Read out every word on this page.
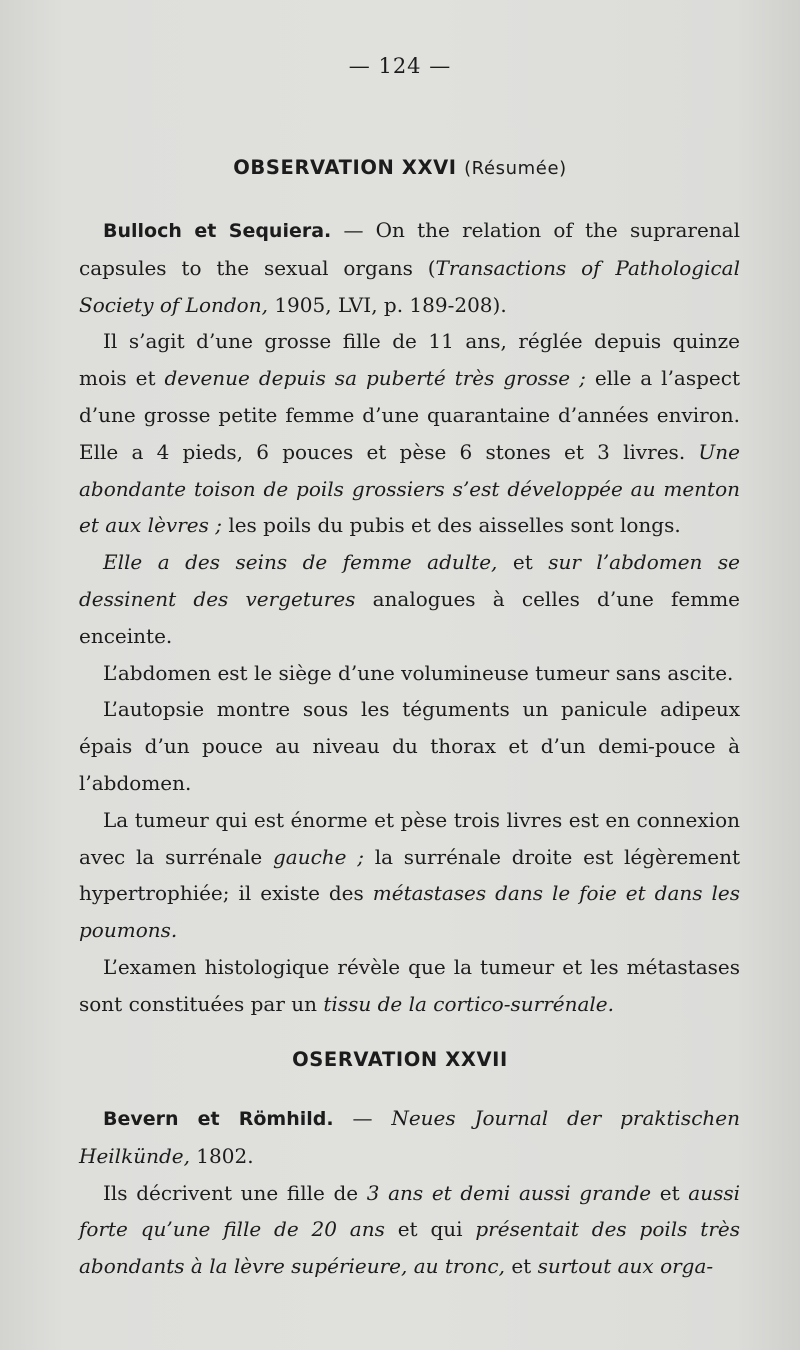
— 124 —
OBSERVATION XXVI (Résumée)

Bulloch et Sequiera. — On the relation of the suprarenal capsules to the sexual organs (Transactions of Pathological Society of London, 1905, LVI, p. 189-208).

Il s’agit d’une grosse fille de 11 ans, réglée depuis quinze mois et devenue depuis sa puberté très grosse ; elle a l’aspect d’une grosse petite femme d’une quarantaine d’années environ. Elle a 4 pieds, 6 pouces et pèse 6 stones et 3 livres. Une abondante toison de poils grossiers s’est développée au menton et aux lèvres ; les poils du pubis et des aisselles sont longs.

Elle a des seins de femme adulte, et sur l’abdomen se dessinent des vergetures analogues à celles d’une femme enceinte.

L’abdomen est le siège d’une volumineuse tumeur sans ascite.

L’autopsie montre sous les téguments un panicule adipeux épais d’un pouce au niveau du thorax et d’un demi-pouce à l’abdomen.

La tumeur qui est énorme et pèse trois livres est en connexion avec la surrénale gauche ; la surrénale droite est légèrement hypertrophiée; il existe des métastases dans le foie et dans les poumons.

L’examen histologique révèle que la tumeur et les métastases sont constituées par un tissu de la cortico-surrénale.

OSERVATION XXVII

Bevern et Römhild. — Neues Journal der praktischen Heilkünde, 1802.

Ils décrivent une fille de 3 ans et demi aussi grande et aussi forte qu’une fille de 20 ans et qui présentait des poils très abondants à la lèvre supérieure, au tronc, et surtout aux orga-
